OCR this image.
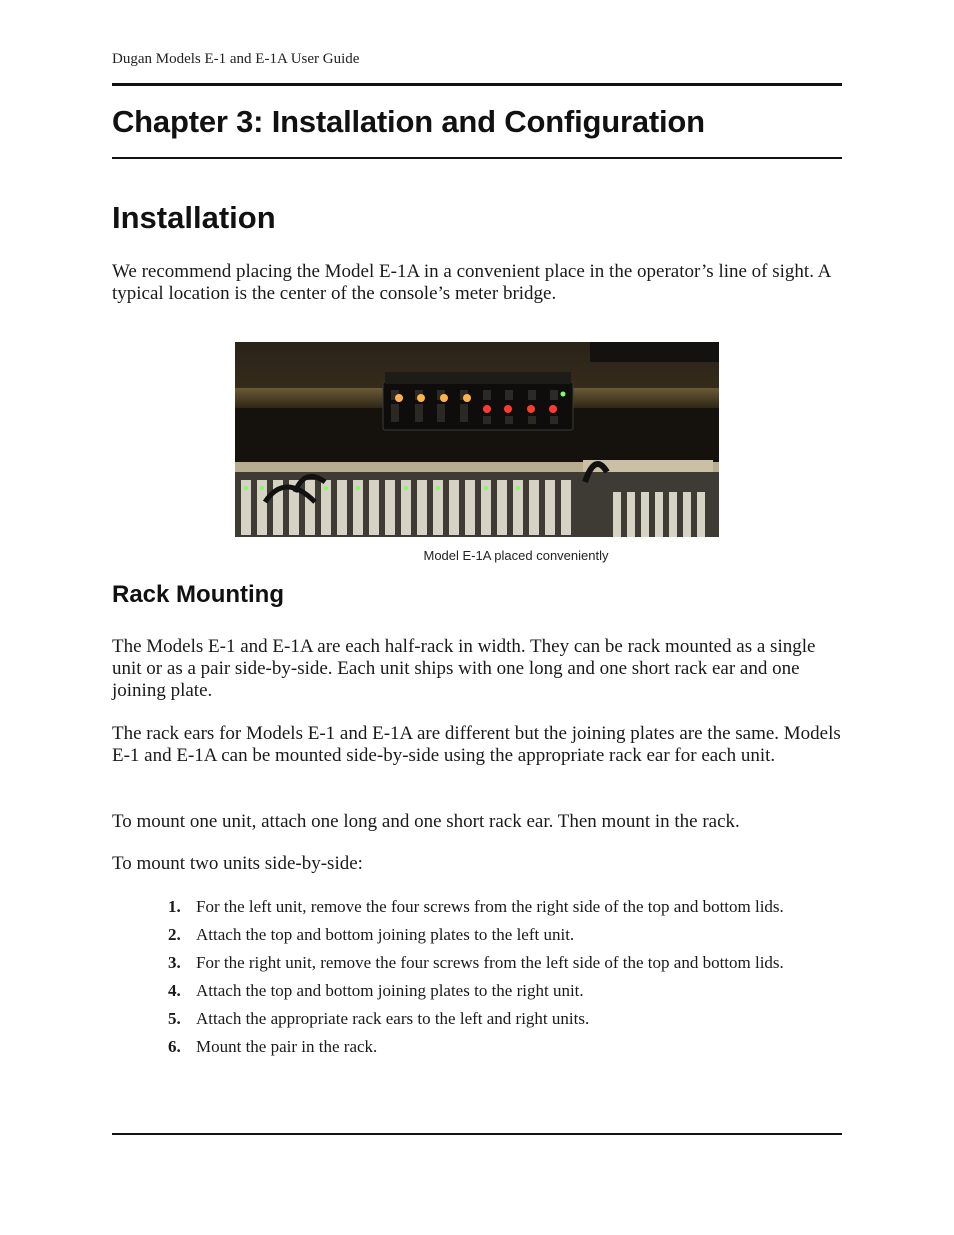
Dugan Models E-1 and E-1A User Guide
Chapter 3: Installation and Configuration
Installation

We recommend placing the Model E-1A in a convenient place in the operator’s line of sight. A typical location is the center of the console’s meter bridge.

Model E-1A placed conveniently
Rack Mounting

The Models E-1 and E-1A are each half-rack in width. They can be rack mounted as a single unit or as a pair side-by-side. Each unit ships with one long and one short rack ear and one joining plate.

The rack ears for Models E-1 and E-1A are different but the joining plates are the same. Models E-1 and E-1A can be mounted side-by-side using the appropriate rack ear for each unit.

To mount one unit, attach one long and one short rack ear. Then mount in the rack.

To mount two units side-by-side:

1. For the left unit, remove the four screws from the right side of the top and bottom lids.
2. Attach the top and bottom joining plates to the left unit.
3. For the right unit, remove the four screws from the left side of the top and bottom lids.
4. Attach the top and bottom joining plates to the right unit.
5. Attach the appropriate rack ears to the left and right units.
6. Mount the pair in the rack.
